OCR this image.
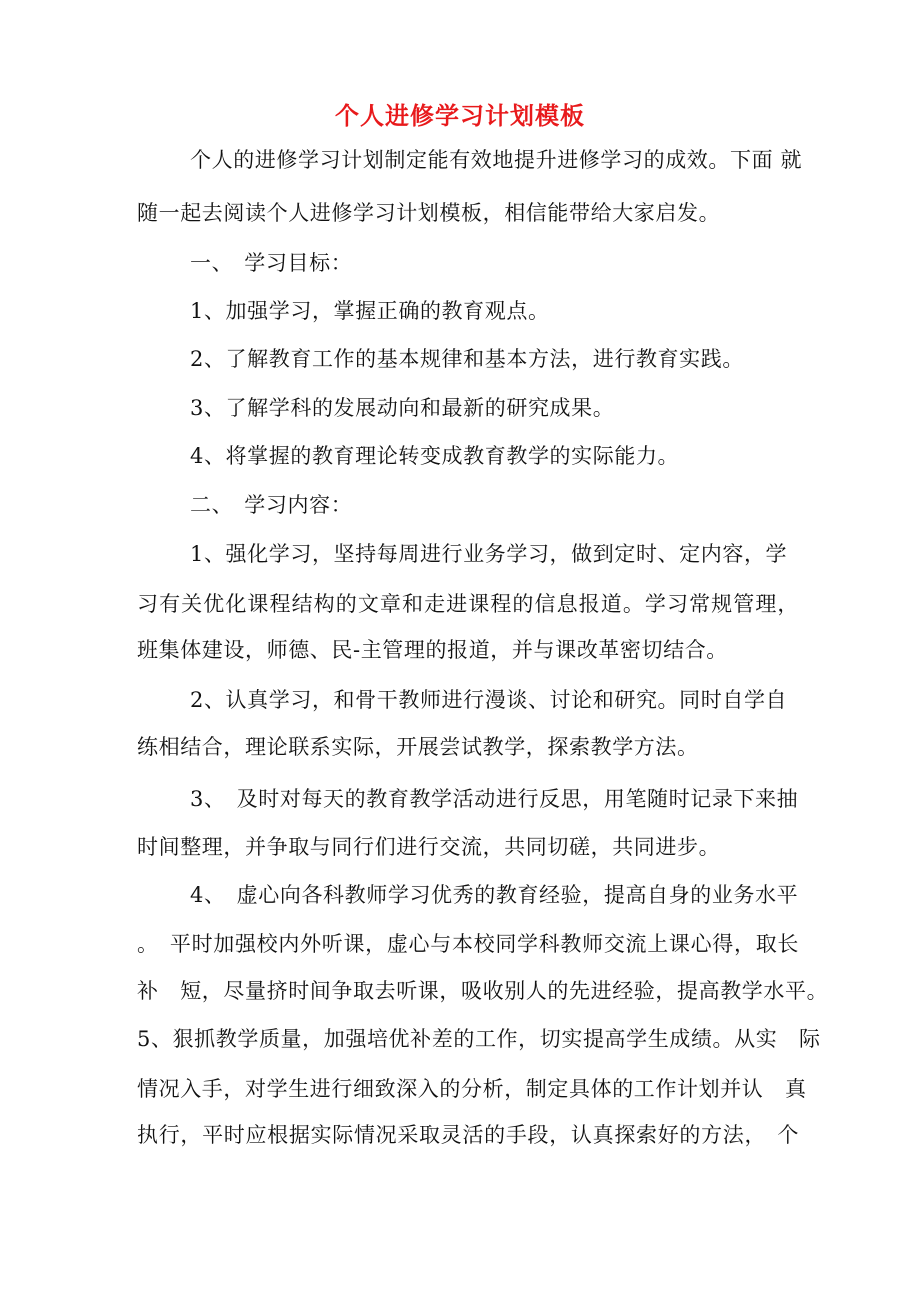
个人进修学习计划模板
个人的进修学习计划制定能有效地提升进修学习的成效。下面 就
随一起去阅读个人进修学习计划模板，相信能带给大家启发。
一、　学习目标：
1、加强学习，掌握正确的教育观点。
2、了解教育工作的基本规律和基本方法，进行教育实践。
3、了解学科的发展动向和最新的研究成果。
4、将掌握的教育理论转变成教育教学的实际能力。
二、　学习内容：
1、强化学习，坚持每周进行业务学习，做到定时、定内容，学
习有关优化课程结构的文章和走进课程的信息报道。学习常规管理，
班集体建设，师德、民-主管理的报道，并与课改革密切结合。
2、认真学习，和骨干教师进行漫谈、讨论和研究。同时自学自
练相结合，理论联系实际，开展尝试教学，探索教学方法。
3、　及时对每天的教育教学活动进行反思，用笔随时记录下来抽
时间整理，并争取与同行们进行交流，共同切磋，共同进步。
4、　虚心向各科教师学习优秀的教育经验，提高自身的业务水平
。　平时加强校内外听课，虚心与本校同学科教师交流上课心得，取长
补　短，尽量挤时间争取去听课，吸收别人的先进经验，提高教学水平。
5、狠抓教学质量，加强培优补差的工作，切实提高学生成绩。从实　际
情况入手，对学生进行细致深入的分析，制定具体的工作计划并认　真
执行，平时应根据实际情况采取灵活的手段，认真探索好的方法，　个
